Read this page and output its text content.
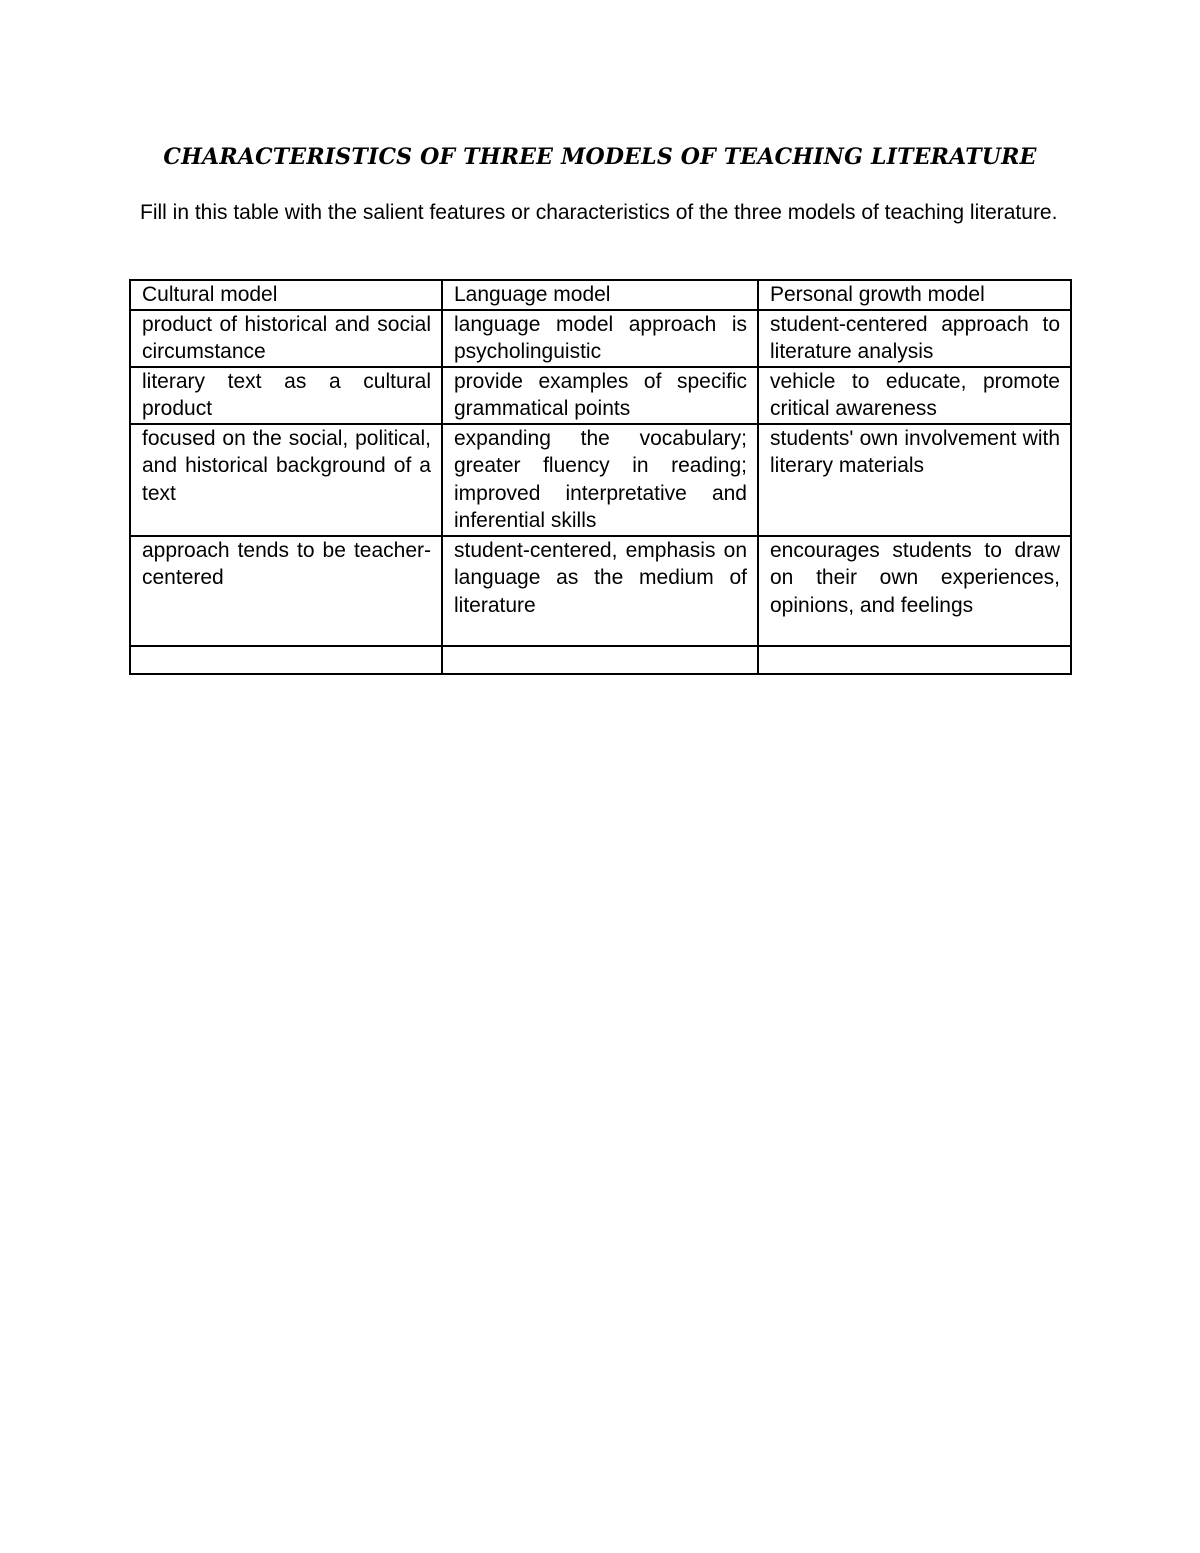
CHARACTERISTICS OF THREE MODELS OF TEACHING LITERATURE

Fill in this table with the salient features or characteristics of the three models of teaching literature.

Cultural model	Language model	Personal growth model
product of historical and social circumstance	language model approach is psycholinguistic	student-centered approach to literature analysis
literary text as a cultural product	provide examples of specific grammatical points	vehicle to educate, promote critical awareness
focused on the social, political, and historical background of a text	expanding the vocabulary; greater fluency in reading; improved interpretative and inferential skills	students' own involvement with literary materials
approach tends to be teacher-centered	student-centered, emphasis on language as the medium of literature	encourages students to draw on their own experiences, opinions, and feelings
